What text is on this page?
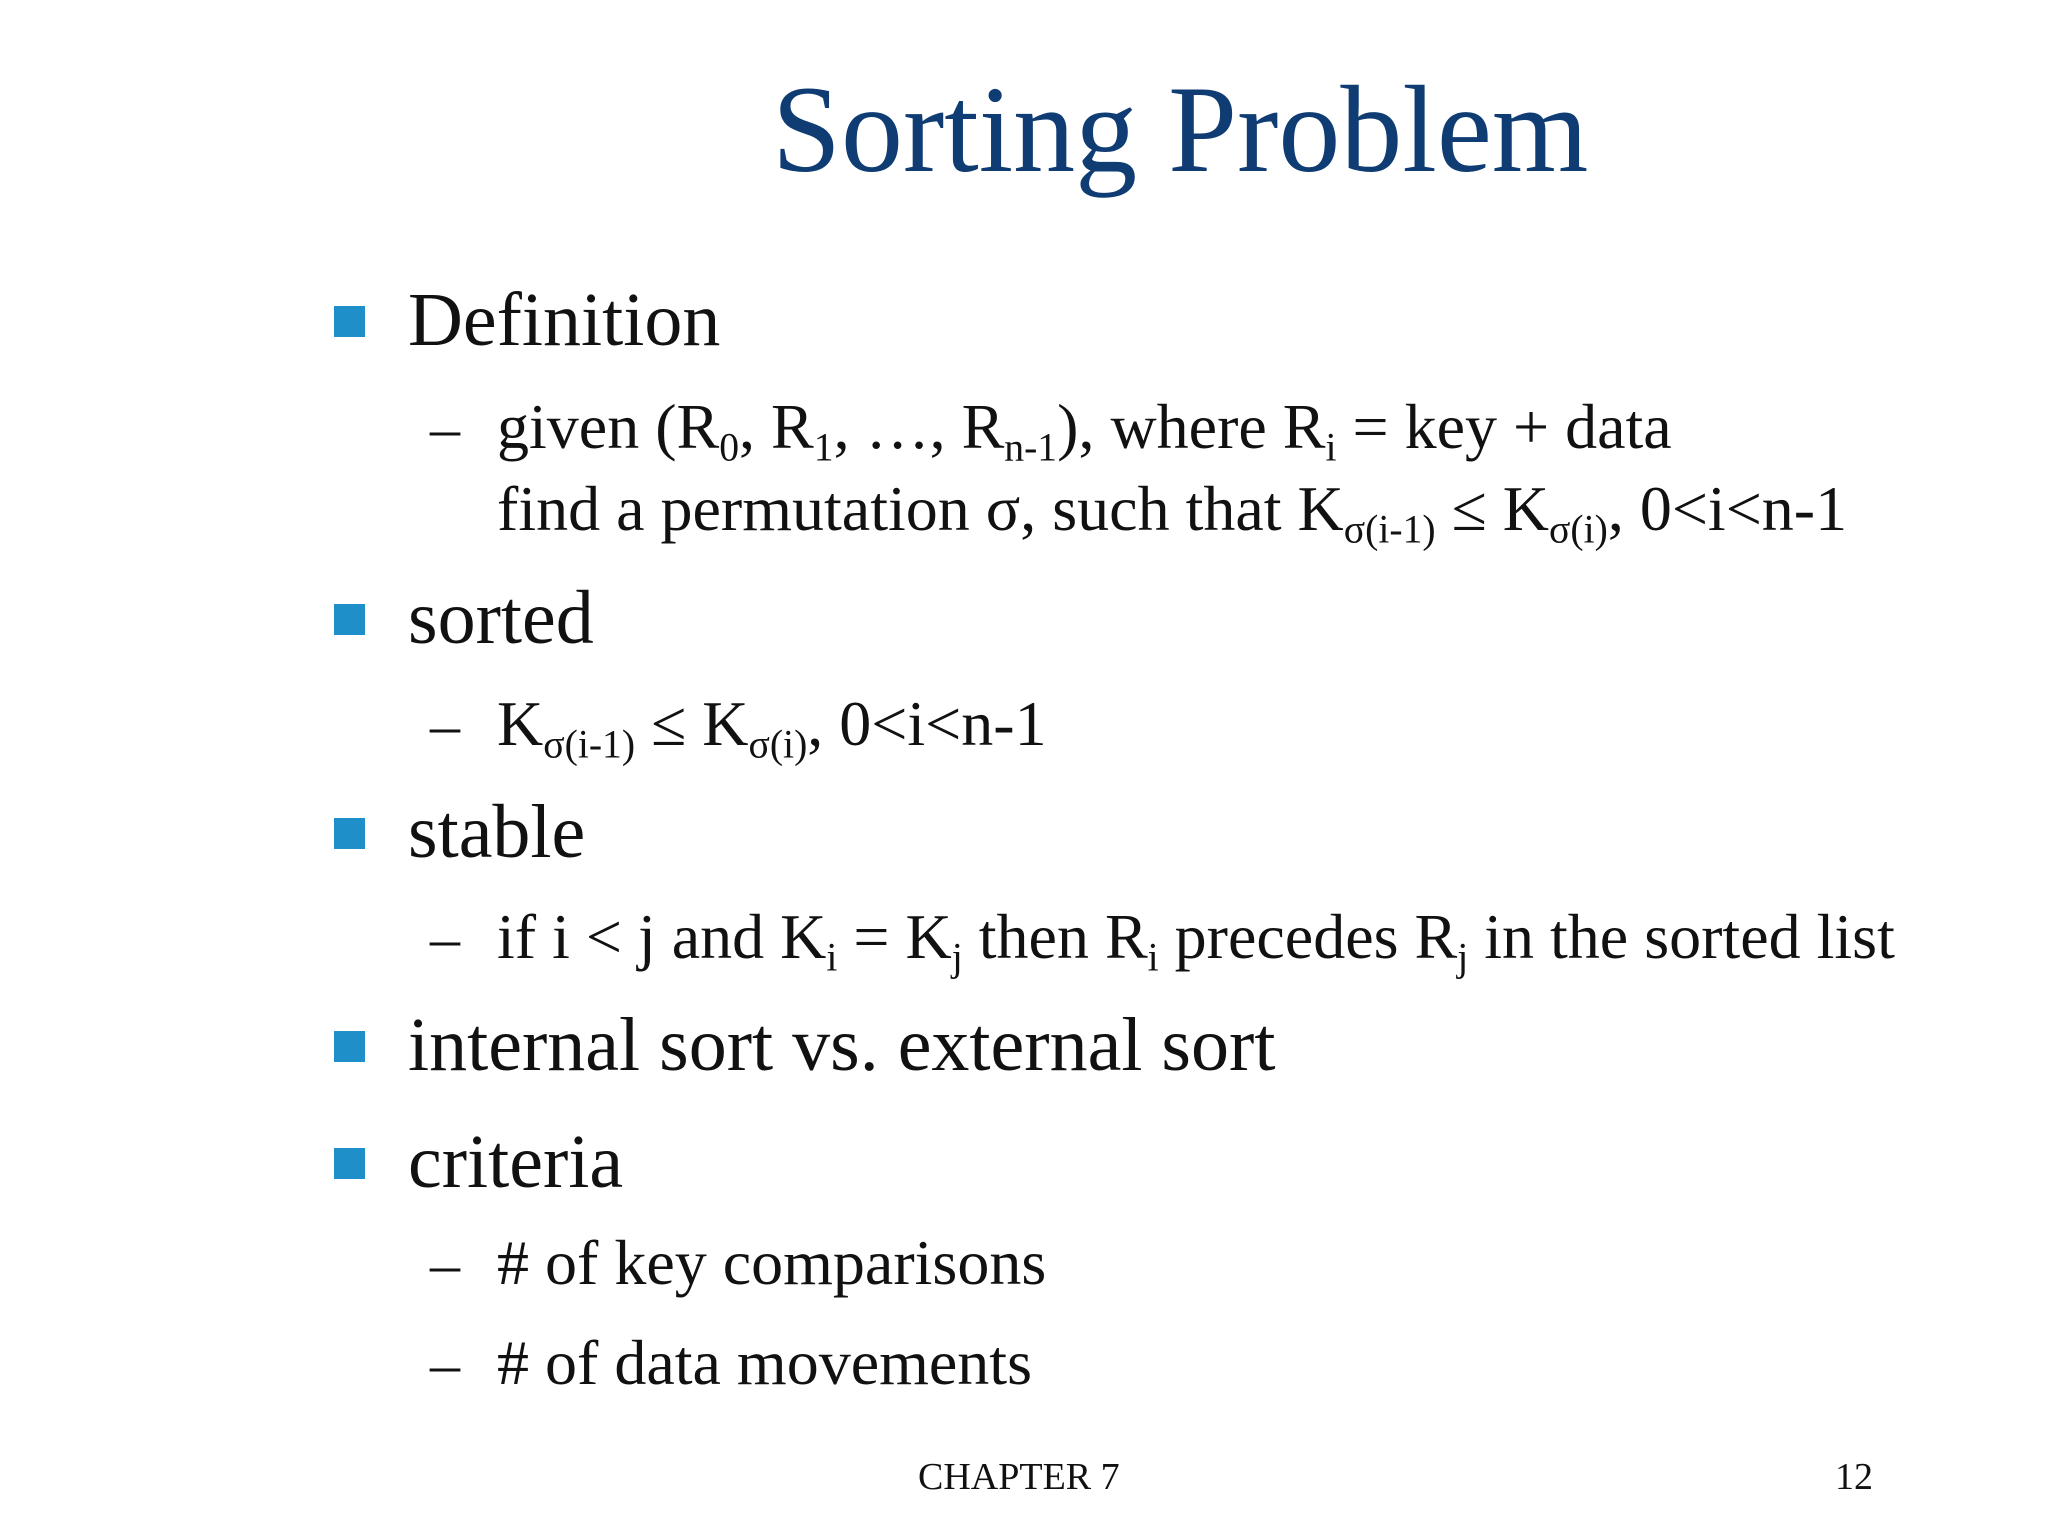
Sorting Problem
Definition
– given ($R_0$, $R_1$, …, $R_{n-1}$), where $R_i$ = key + data
find a permutation σ, such that $K_{\sigma(i-1)} \le K_{\sigma(i)}$, 0<i<n-1
sorted
– $K_{\sigma(i-1)} \le K_{\sigma(i)}$, 0<i<n-1
stable
– if i < j and $K_i = K_j$ then $R_i$ precedes $R_j$ in the sorted list
internal sort vs. external sort
criteria
– # of key comparisons
– # of data movements
CHAPTER 7	12
